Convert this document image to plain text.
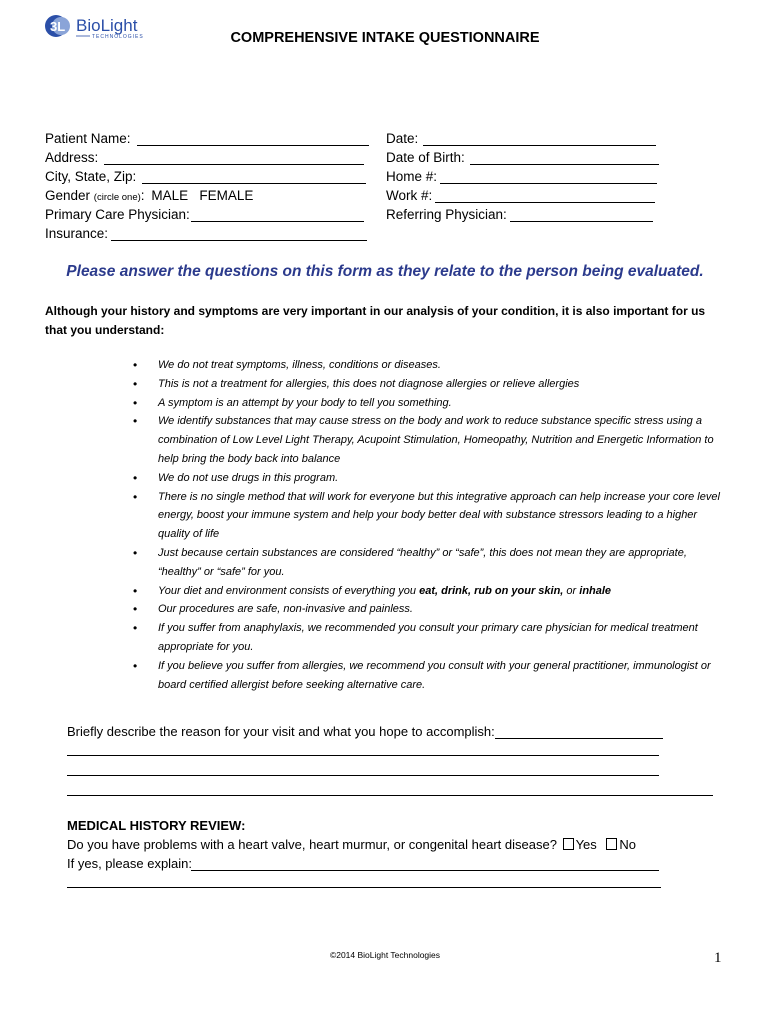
3L BioLight
TECHNOLOGIES	COMPREHENSIVE INTAKE QUESTIONNAIRE
Patient Name:
Address:
City, State, Zip:
Gender (circle one): MALE   FEMALE
Primary Care Physician:
Insurance:
Date:
Date of Birth:
Home #:
Work #:
Referring Physician:
Please answer the questions on this form as they relate to the person being evaluated.
Although your history and symptoms are very important in our analysis of your condition, it is also important for us that you understand:
• We do not treat symptoms, illness, conditions or diseases.
• This is not a treatment for allergies, this does not diagnose allergies or relieve allergies
• A symptom is an attempt by your body to tell you something.
• We identify substances that may cause stress on the body and work to reduce substance specific stress using a combination of Low Level Light Therapy, Acupoint Stimulation, Homeopathy, Nutrition and Energetic Information to help bring the body back into balance
• We do not use drugs in this program.
• There is no single method that will work for everyone but this integrative approach can help increase your core level energy, boost your immune system and help your body better deal with substance stressors leading to a higher quality of life
• Just because certain substances are considered “healthy” or “safe”, this does not mean they are appropriate, “healthy” or “safe” for you.
• Your diet and environment consists of everything you eat, drink, rub on your skin, or inhale
• Our procedures are safe, non-invasive and painless.
• If you suffer from anaphylaxis, we recommended you consult your primary care physician for medical treatment appropriate for you.
• If you believe you suffer from allergies, we recommend you consult with your general practitioner, immunologist or board certified allergist before seeking alternative care.
Briefly describe the reason for your visit and what you hope to accomplish:
MEDICAL HISTORY REVIEW:
Do you have problems with a heart valve, heart murmur, or congenital heart disease? Yes No
If yes, please explain:
©2014 BioLight Technologies	1
